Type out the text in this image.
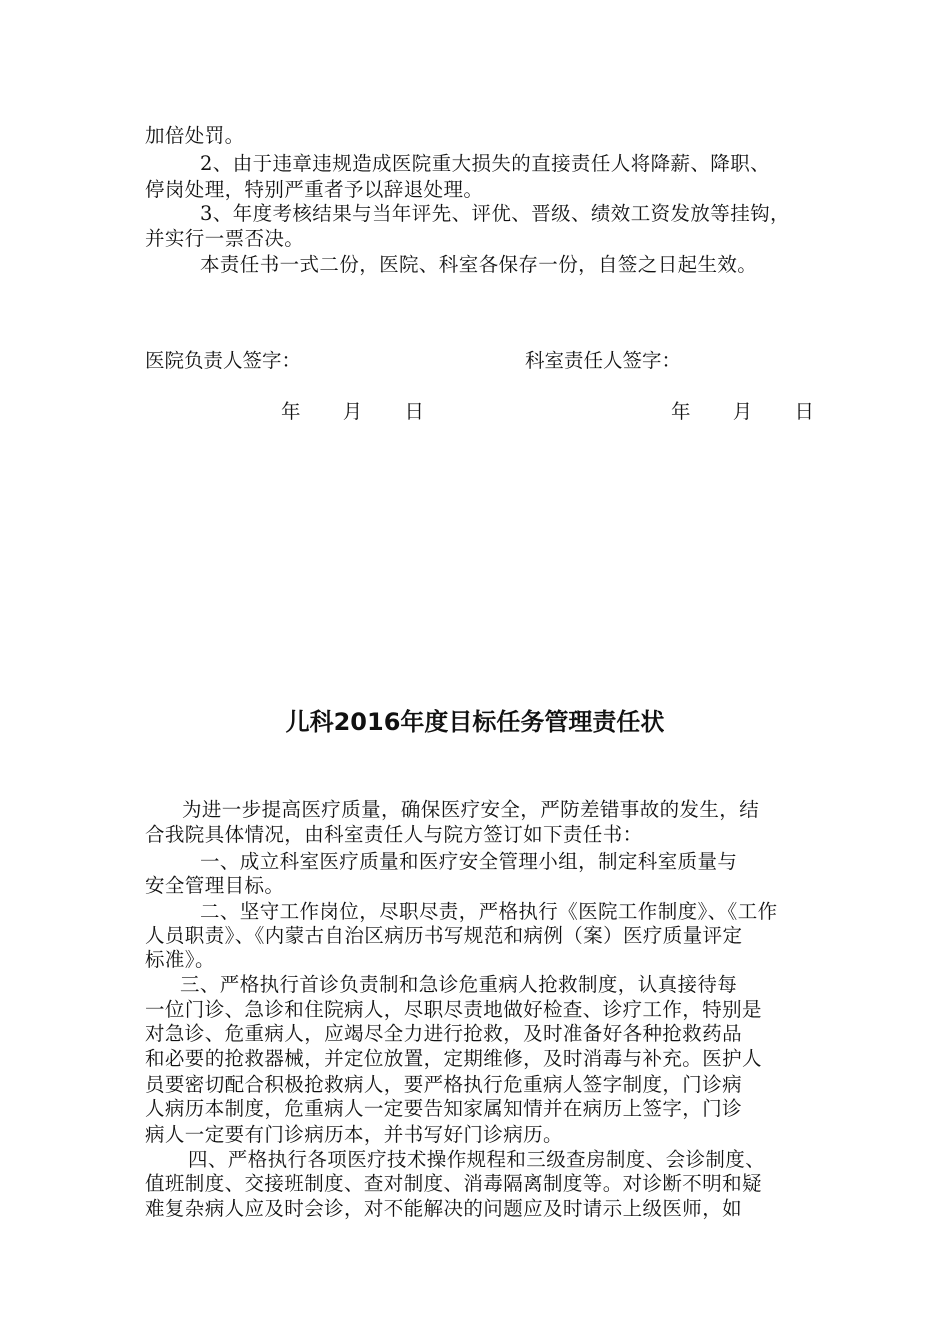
加倍处罚。
2、由于违章违规造成医院重大损失的直接责任人将降薪、降职、
停岗处理，特别严重者予以辞退处理。
3、年度考核结果与当年评先、评优、晋级、绩效工资发放等挂钩，
并实行一票否决。
本责任书一式二份，医院、科室各保存一份，自签之日起生效。
医院负责人签字：	科室责任人签字：
年 月 日	年 月 日
儿科2016年度目标任务管理责任状
为进一步提高医疗质量，确保医疗安全，严防差错事故的发生，结
合我院具体情况，由科室责任人与院方签订如下责任书：
一、成立科室医疗质量和医疗安全管理小组，制定科室质量与
安全管理目标。
二、坚守工作岗位，尽职尽责，严格执行《医院工作制度》、《工作
人员职责》、《内蒙古自治区病历书写规范和病例（案）医疗质量评定
标准》。
三、严格执行首诊负责制和急诊危重病人抢救制度，认真接待每
一位门诊、急诊和住院病人，尽职尽责地做好检查、诊疗工作，特别是
对急诊、危重病人，应竭尽全力进行抢救，及时准备好各种抢救药品
和必要的抢救器械，并定位放置，定期维修，及时消毒与补充。医护人
员要密切配合积极抢救病人，要严格执行危重病人签字制度，门诊病
人病历本制度，危重病人一定要告知家属知情并在病历上签字，门诊
病人一定要有门诊病历本，并书写好门诊病历。
四、严格执行各项医疗技术操作规程和三级查房制度、会诊制度、
值班制度、交接班制度、查对制度、消毒隔离制度等。对诊断不明和疑
难复杂病人应及时会诊，对不能解决的问题应及时请示上级医师，如
